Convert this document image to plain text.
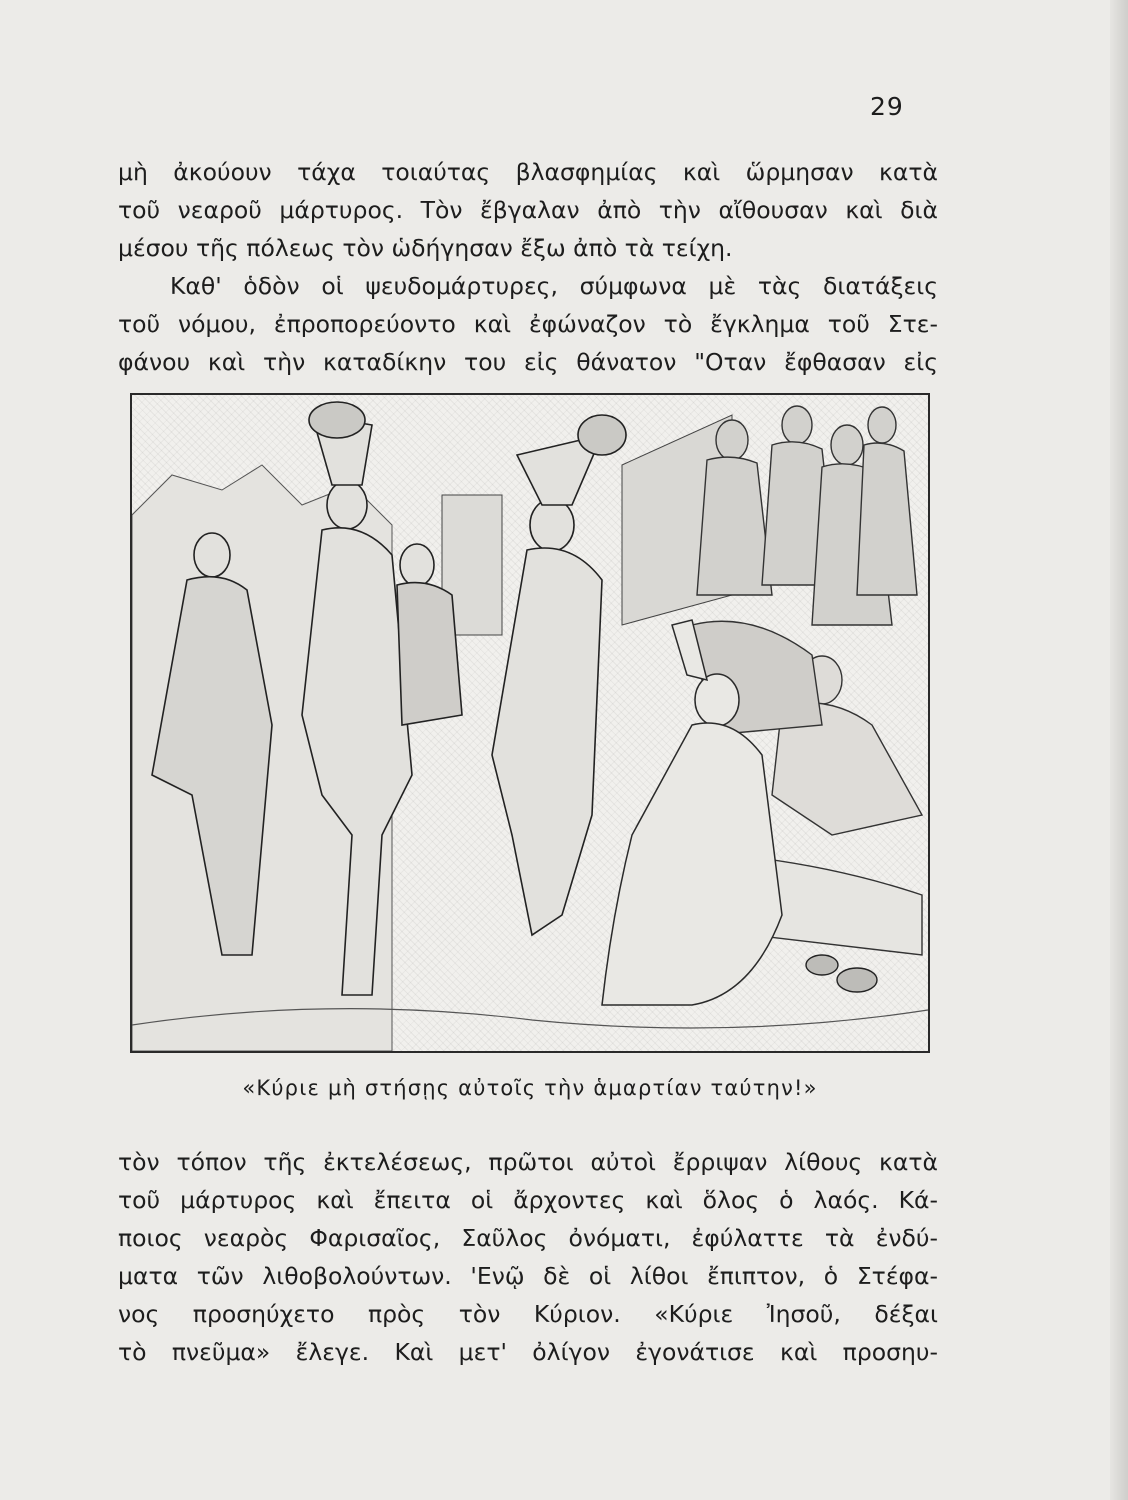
29
μὴ ἀκούουν τάχα τοιαύτας βλασφημίας καὶ ὥρμησαν κατὰ
τοῦ νεαροῦ μάρτυρος. Τὸν ἔβγαλαν ἀπὸ τὴν αἴθουσαν καὶ διὰ
μέσου τῆς πόλεως τὸν ὡδήγησαν ἔξω ἀπὸ τὰ τείχη.
Καθ' ὁδὸν οἱ ψευδομάρτυρες, σύμφωνα μὲ τὰς διατάξεις
τοῦ νόμου, ἐπροπορεύοντο καὶ ἐφώναζον τὸ ἔγκλημα τοῦ Στε-
φάνου καὶ τὴν καταδίκην του εἰς θάνατον "Οταν ἔφθασαν εἰς
«Κύριε μὴ στήσῃς αὐτοῖς τὴν ἁμαρτίαν ταύτην!»
τὸν τόπον τῆς ἐκτελέσεως, πρῶτοι αὐτοὶ ἔρριψαν λίθους κατὰ
τοῦ μάρτυρος καὶ ἔπειτα οἱ ἄρχοντες καὶ ὅλος ὁ λαός. Κά-
ποιος νεαρὸς Φαρισαῖος, Σαῦλος ὀνόματι, ἐφύλαττε τὰ ἐνδύ-
ματα τῶν λιθοβολούντων. 'Ενῷ δὲ οἱ λίθοι ἔπιπτον, ὁ Στέφα-
νος προσηύχετο πρὸς τὸν Κύριον. «Κύριε Ἰησοῦ, δέξαι
τὸ πνεῦμα» ἔλεγε. Καὶ μετ' ὀλίγον ἐγονάτισε καὶ προσηυ-
